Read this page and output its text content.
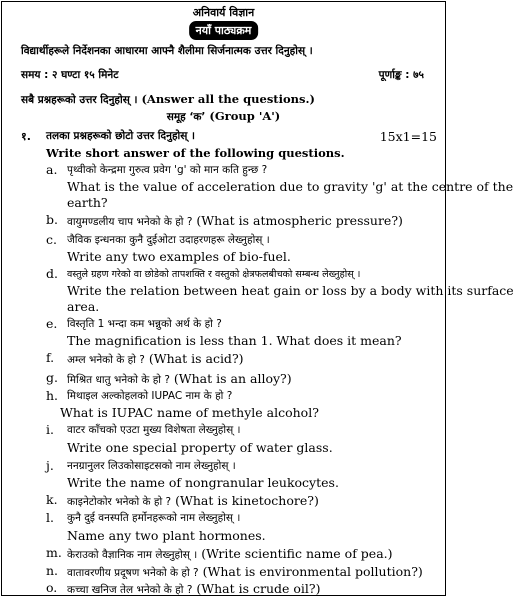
अनिवार्य विज्ञान
नयाँ पाठ्यक्रम
विद्यार्थीहरूले निर्देशनका आधारमा आफ्नै शैलीमा सिर्जनात्मक उत्तर दिनुहोस् ।
समय : २ घण्टा १५ मिनेट	पूर्णाङ्क : ७५
सबै प्रश्नहरूको उत्तर दिनुहोस् । (Answer all the questions.)
समूह ‘क’ (Group 'A')
१. तलका प्रश्नहरूको छोटो उत्तर दिनुहोस् ।	15x1=15
Write short answer of the following questions.
a. पृथ्वीको केन्द्रमा गुरुत्व प्रवेग 'g' को मान कति हुन्छ ?
What is the value of acceleration due to gravity 'g' at the centre of the
earth?
b. वायुमण्डलीय चाप भनेको के हो ? (What is atmospheric pressure?)
c. जैविक इन्धनका कुनै दुईओटा उदाहरणहरू लेख्नुहोस् ।
Write any two examples of bio-fuel.
d. वस्तुले ग्रहण गरेको वा छोडेको तापशक्ति र वस्तुको क्षेत्रफलबीचको सम्बन्ध लेख्नुहोस् ।
Write the relation between heat gain or loss by a body with its surface
area.
e. विस्तृति 1 भन्दा कम भन्नुको अर्थ के हो ?
The magnification is less than 1. What does it mean?
f. अम्ल भनेको के हो ? (What is acid?)
g. मिश्रित धातु भनेको के हो ? (What is an alloy?)
h. मिथाइल अल्कोहलको IUPAC नाम के हो ?
What is IUPAC name of methyle alcohol?
i. वाटर काँचको एउटा मुख्य विशेषता लेख्नुहोस् ।
Write one special property of water glass.
j. ननग्रानुलर लिउकोसाइटसको नाम लेख्नुहोस् ।
Write the name of nongranular leukocytes.
k. काइनेटोकोर भनेको के हो ? (What is kinetochore?)
l. कुनै दुई वनस्पति हर्मोनहरूको नाम लेख्नुहोस् ।
Name any two plant hormones.
m. केराउको वैज्ञानिक नाम लेख्नुहोस् । (Write scientific name of pea.)
n. वातावरणीय प्रदूषण भनेको के हो ? (What is environmental pollution?)
o. कच्चा खनिज तेल भनेको के हो ? (What is crude oil?)
